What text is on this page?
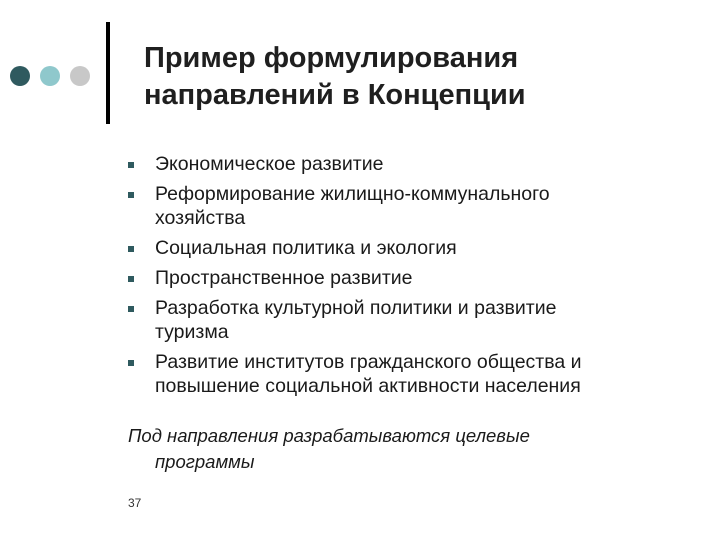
Пример формулирования
направлений в Концепции
Экономическое развитие
Реформирование жилищно-коммунального
хозяйства
Социальная политика и экология
Пространственное развитие
Разработка культурной политики и развитие
туризма
Развитие институтов гражданского общества и
повышение социальной активности населения
Под направления разрабатываются целевые
программы
37
